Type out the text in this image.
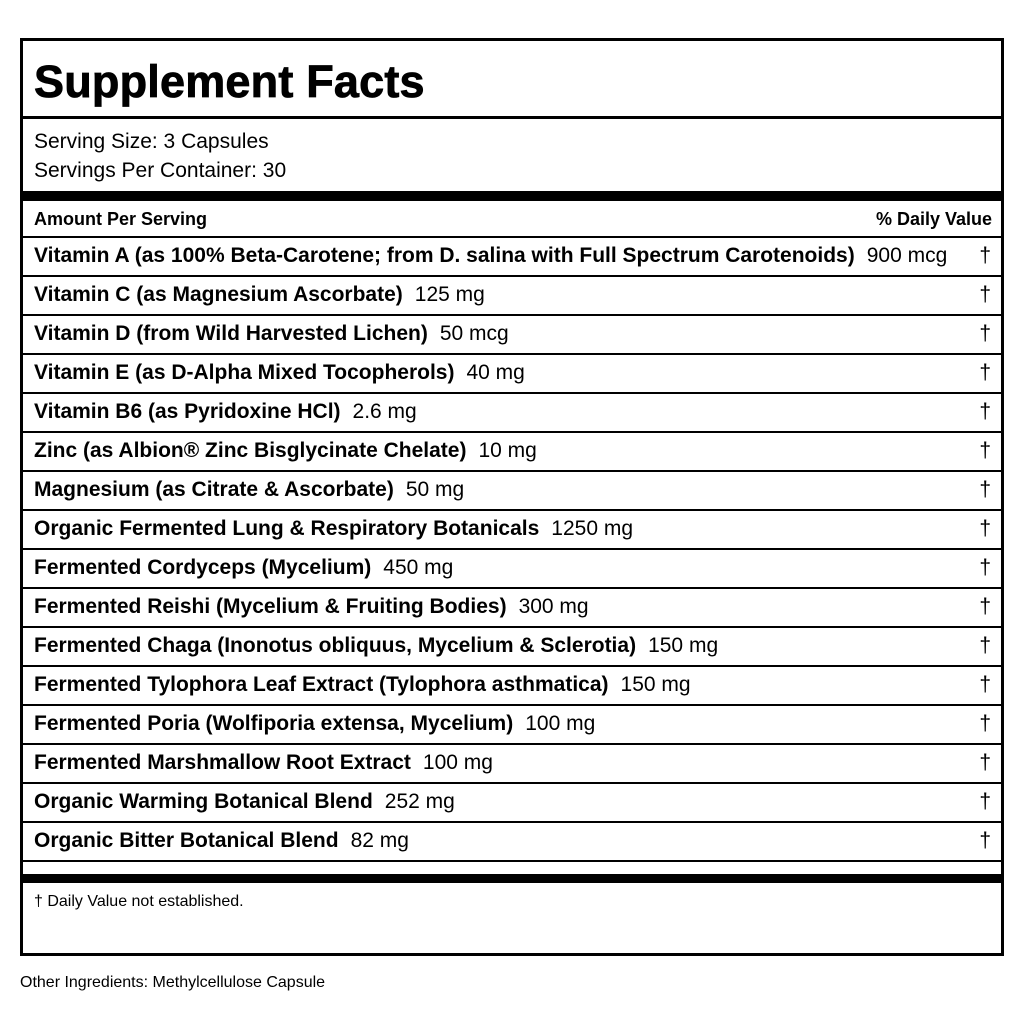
Supplement Facts
Serving Size: 3 Capsules
Servings Per Container: 30
Amount Per Serving	% Daily Value
Vitamin A (as 100% Beta-Carotene; from D. salina with Full Spectrum Carotenoids) 900 mcg †
Vitamin C (as Magnesium Ascorbate) 125 mg	†
Vitamin D (from Wild Harvested Lichen) 50 mcg	†
Vitamin E (as D-Alpha Mixed Tocopherols) 40 mg	†
Vitamin B6 (as Pyridoxine HCl) 2.6 mg	†
Zinc (as Albion® Zinc Bisglycinate Chelate) 10 mg	†
Magnesium (as Citrate & Ascorbate) 50 mg	†
Organic Fermented Lung & Respiratory Botanicals 1250 mg	†
Fermented Cordyceps (Mycelium) 450 mg	†
Fermented Reishi (Mycelium & Fruiting Bodies) 300 mg	†
Fermented Chaga (Inonotus obliquus, Mycelium & Sclerotia) 150 mg	†
Fermented Tylophora Leaf Extract (Tylophora asthmatica) 150 mg	†
Fermented Poria (Wolfiporia extensa, Mycelium) 100 mg	†
Fermented Marshmallow Root Extract 100 mg	†
Organic Warming Botanical Blend 252 mg	†
Organic Bitter Botanical Blend 82 mg	†
† Daily Value not established.
Other Ingredients: Methylcellulose Capsule
